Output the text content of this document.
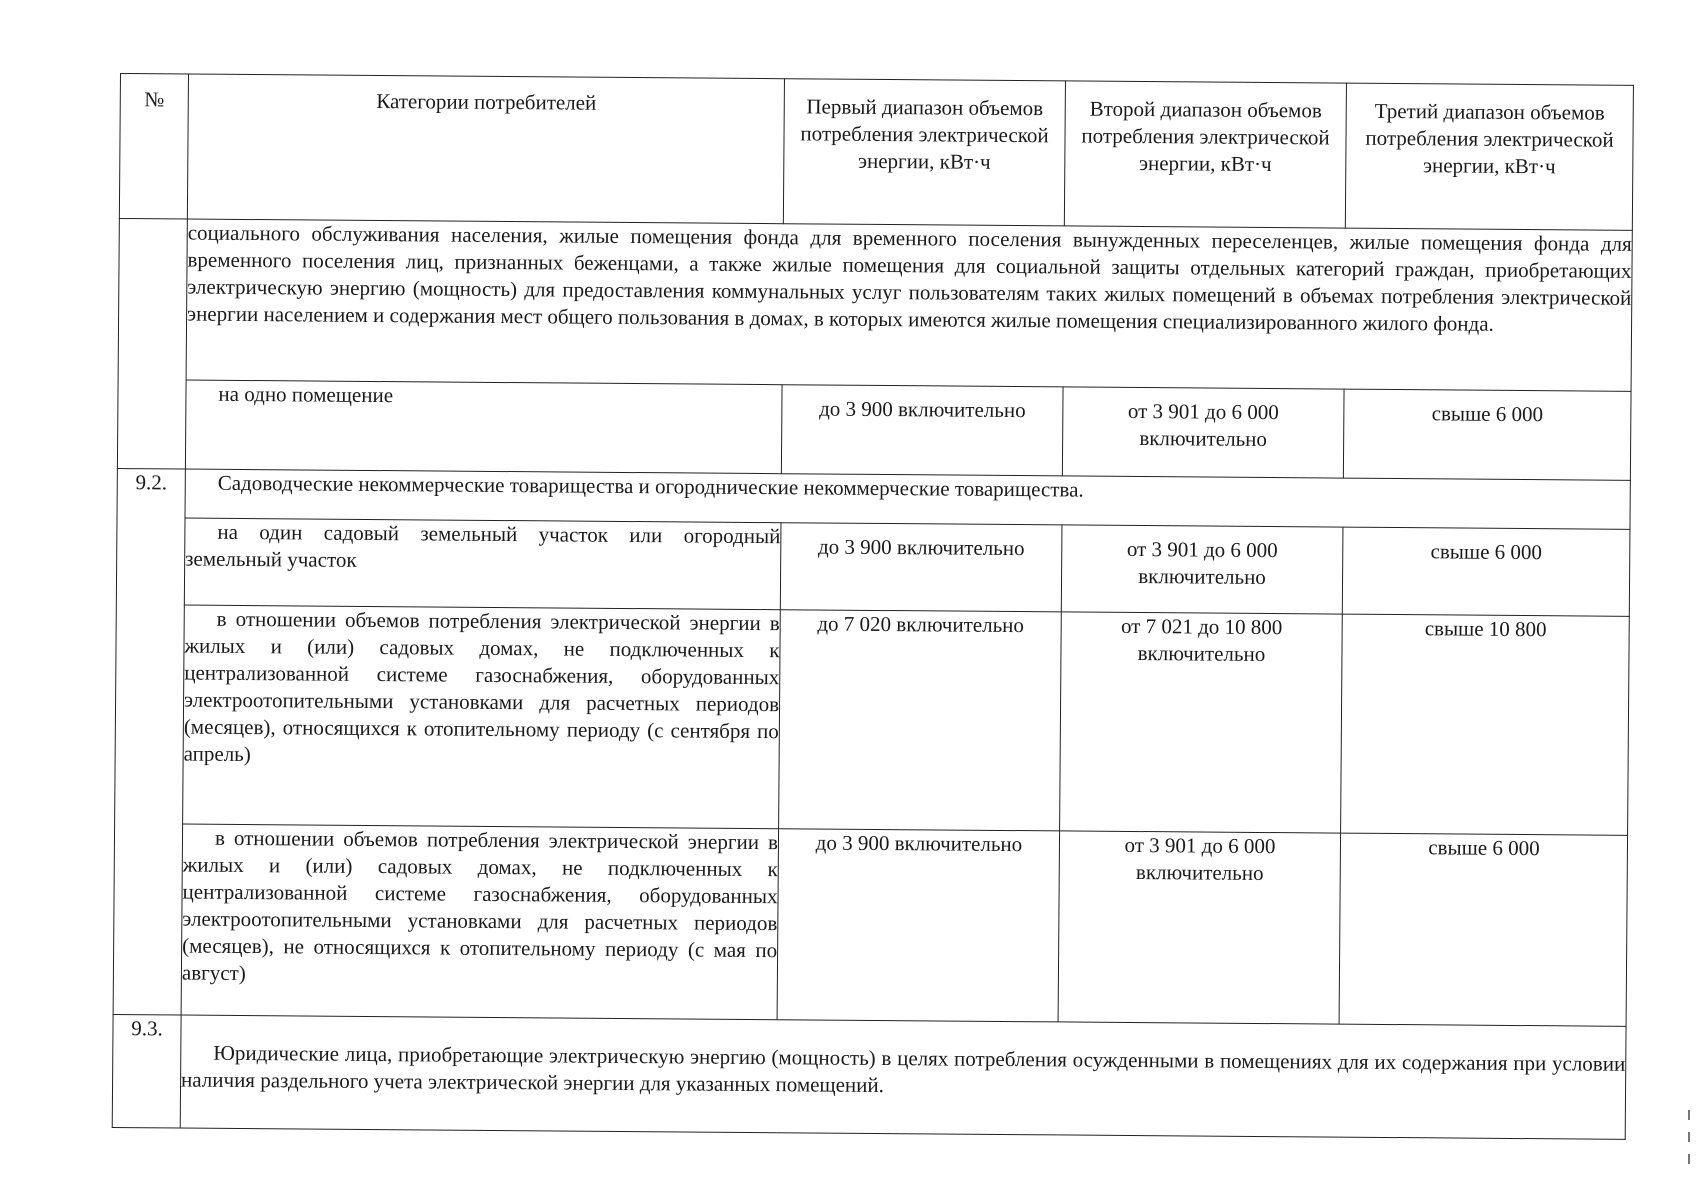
№	Категории потребителей	Первый диапазон объемов потребления электрической энергии, кВт·ч	Второй диапазон объемов потребления электрической энергии, кВт·ч	Третий диапазон объемов потребления электрической энергии, кВт·ч
	социального обслуживания населения, жилые помещения фонда для временного поселения вынужденных переселенцев, жилые помещения фонда для временного поселения лиц, признанных беженцами, а также жилые помещения для социальной защиты отдельных категорий граждан, приобретающих электрическую энергию (мощность) для предоставления коммунальных услуг пользователям таких жилых помещений в объемах потребления электрической энергии населением и содержания мест общего пользования в домах, в которых имеются жилые помещения специализированного жилого фонда.			
	на одно помещение	до 3 900 включительно	от 3 901 до 6 000 включительно	свыше 6 000
9.2.	Садоводческие некоммерческие товарищества и огороднические некоммерческие товарищества.			
	на один садовый земельный участок или огородный земельный участок	до 3 900 включительно	от 3 901 до 6 000 включительно	свыше 6 000
	в отношении объемов потребления электрической энергии в жилых и (или) садовых домах, не подключенных к централизованной системе газоснабжения, оборудованных электроотопительными установками для расчетных периодов (месяцев), относящихся к отопительному периоду (с сентября по апрель)	до 7 020 включительно	от 7 021 до 10 800 включительно	свыше 10 800
	в отношении объемов потребления электрической энергии в жилых и (или) садовых домах, не подключенных к централизованной системе газоснабжения, оборудованных электроотопительными установками для расчетных периодов (месяцев), не относящихся к отопительному периоду (с мая по август)	до 3 900 включительно	от 3 901 до 6 000 включительно	свыше 6 000
9.3.	Юридические лица, приобретающие электрическую энергию (мощность) в целях потребления осужденными в помещениях для их содержания при условии наличия раздельного учета электрической энергии для указанных помещений.			
